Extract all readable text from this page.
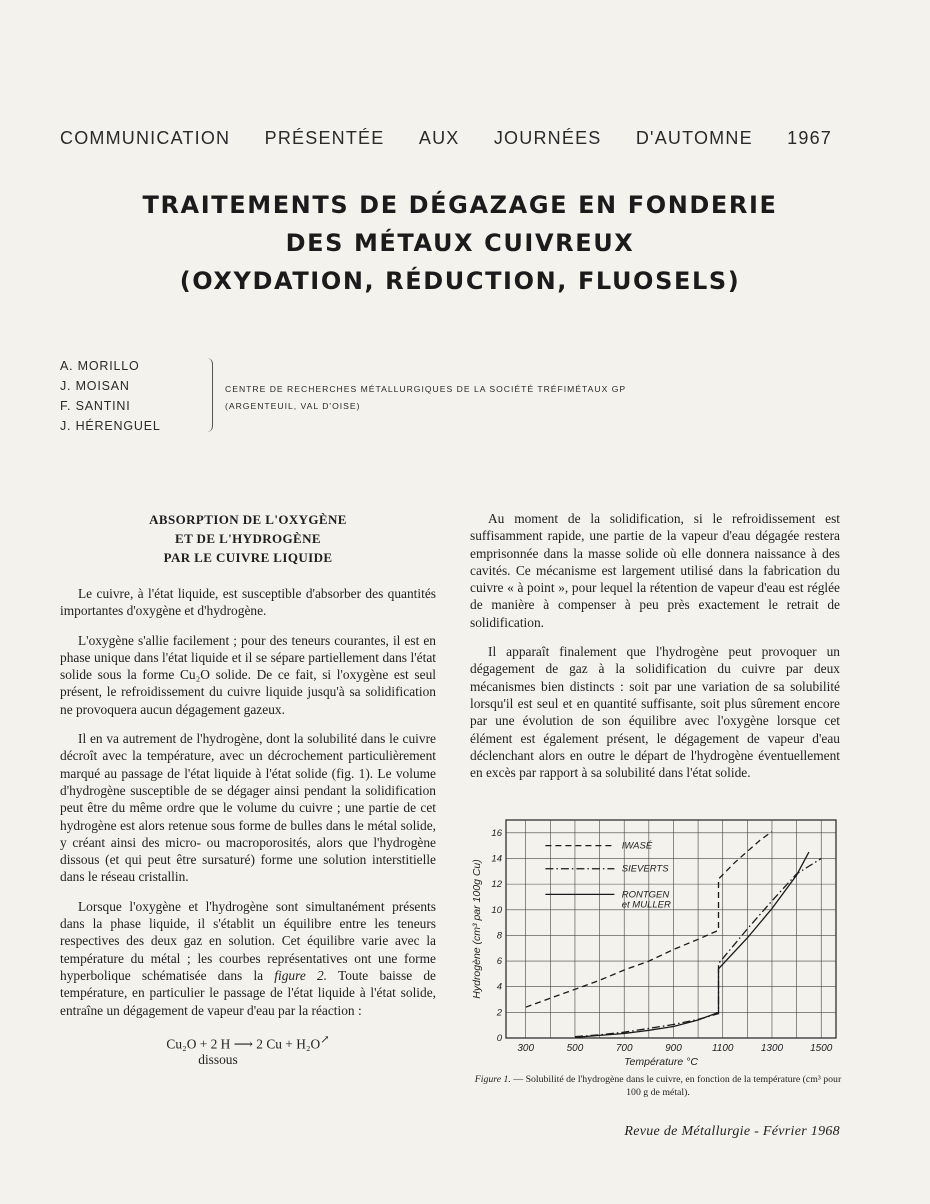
COMMUNICATION PRÉSENTÉE AUX JOURNÉES D'AUTOMNE 1967
TRAITEMENTS DE DÉGAZAGE EN FONDERIE
DES MÉTAUX CUIVREUX
(OXYDATION, RÉDUCTION, FLUOSELS)
A. MORILLO
J. MOISAN
F. SANTINI
J. HÉRENGUEL
CENTRE DE RECHERCHES MÉTALLURGIQUES DE LA SOCIÉTÉ TRÉFIMÉTAUX GP
(ARGENTEUIL, VAL D'OISE)
ABSORPTION DE L'OXYGÈNE
ET DE L'HYDROGÈNE
PAR LE CUIVRE LIQUIDE

Le cuivre, à l'état liquide, est susceptible d'absorber des quantités importantes d'oxygène et d'hydrogène.

L'oxygène s'allie facilement ; pour des teneurs courantes, il est en phase unique dans l'état liquide et il se sépare partiellement dans l'état solide sous la forme Cu₂O solide. De ce fait, si l'oxygène est seul présent, le refroidissement du cuivre liquide jusqu'à sa solidification ne provoquera aucun dégagement gazeux.

Il en va autrement de l'hydrogène, dont la solubilité dans le cuivre décroît avec la température, avec un décrochement particulièrement marqué au passage de l'état liquide à l'état solide (fig. 1). Le volume d'hydrogène susceptible de se dégager ainsi pendant la solidification peut être du même ordre que le volume du cuivre ; une partie de cet hydrogène est alors retenue sous forme de bulles dans le métal solide, y créant ainsi des micro- ou macroporosités, alors que l'hydrogène dissous (et qui peut être sursaturé) forme une solution interstitielle dans le réseau cristallin.

Lorsque l'oxygène et l'hydrogène sont simultanément présents dans la phase liquide, il s'établit un équilibre entre les teneurs respectives des deux gaz en solution. Cet équilibre varie avec la température du métal ; les courbes représentatives ont une forme hyperbolique schématisée dans la figure 2. Toute baisse de température, en particulier le passage de l'état liquide à l'état solide, entraîne un dégagement de vapeur d'eau par la réaction :

Cu₂O + 2 H ⟶ 2 Cu + H₂O↗
dissous

Au moment de la solidification, si le refroidissement est suffisamment rapide, une partie de la vapeur d'eau dégagée restera emprisonnée dans la masse solide où elle donnera naissance à des cavités. Ce mécanisme est largement utilisé dans la fabrication du cuivre « à point », pour lequel la rétention de vapeur d'eau est réglée de manière à compenser à peu près exactement le retrait de solidification.

Il apparaît finalement que l'hydrogène peut provoquer un dégagement de gaz à la solidification du cuivre par deux mécanismes bien distincts : soit par une variation de sa solubilité lorsqu'il est seul et en quantité suffisante, soit plus sûrement encore par une évolution de son équilibre avec l'oxygène lorsque cet élément est également présent, le dégagement de vapeur d'eau déclenchant alors en outre le départ de l'hydrogène éventuellement en excès par rapport à sa solubilité dans l'état solide.

300	500	700	900	1100	1300	1500
0
2
4
6
8
10
12
14
16
Température °C
Hydrogène (cm³ par 100g Cu)
IWASÉ
SIEVERTS
RONTGEN
et MULLER
Figure 1. — Solubilité de l'hydrogène dans le cuivre, en fonction de la température (cm³ pour 100 g de métal).
Revue de Métallurgie - Février 1968
